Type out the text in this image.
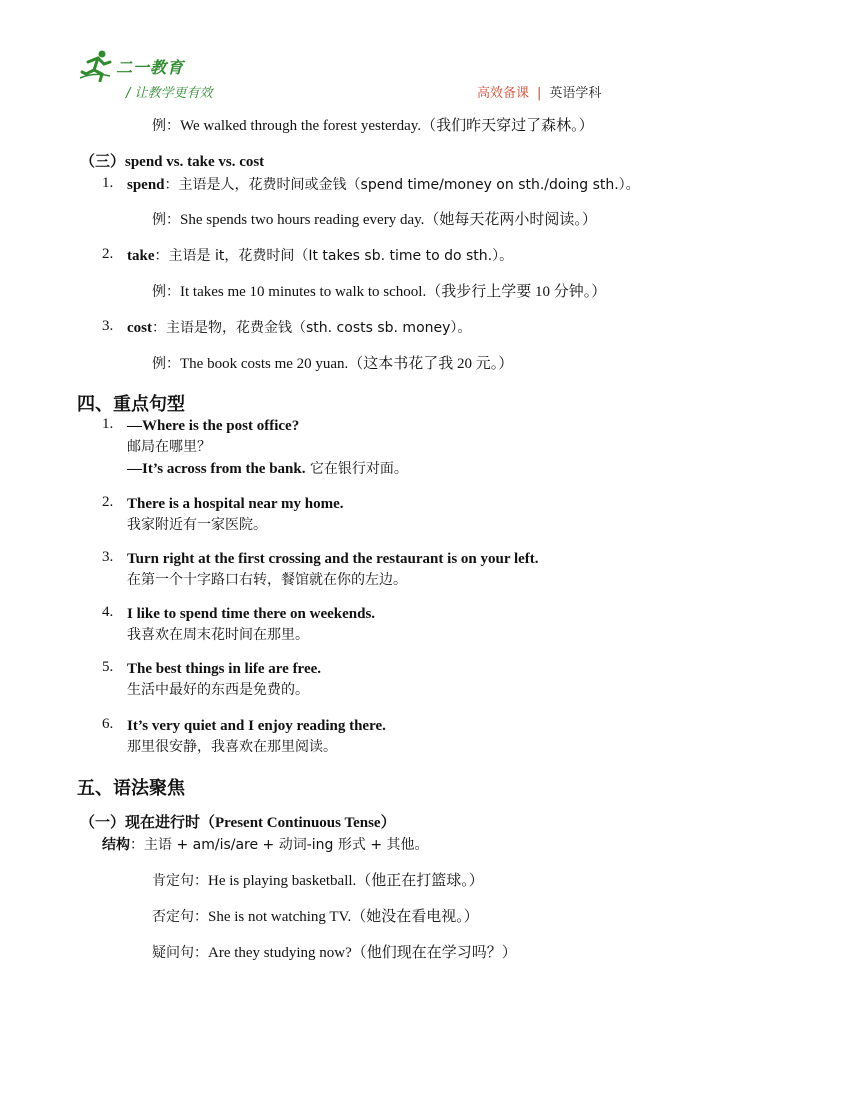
二一教育
/ 让教学更有效	高效备课 | 英语学科
例：We walked through the forest yesterday.（我们昨天穿过了森林。）
（三）spend vs. take vs. cost
1. spend：主语是人，花费时间或金钱（spend time/money on sth./doing sth.）。
例：She spends two hours reading every day.（她每天花两小时阅读。）
2. take：主语是 it，花费时间（It takes sb. time to do sth.）。
例：It takes me 10 minutes to walk to school.（我步行上学要 10 分钟。）
3. cost：主语是物，花费金钱（sth. costs sb. money）。
例：The book costs me 20 yuan.（这本书花了我 20 元。）
四、重点句型
1. —Where is the post office?
邮局在哪里？
—It’s across from the bank. 它在银行对面。
2. There is a hospital near my home.
我家附近有一家医院。
3. Turn right at the first crossing and the restaurant is on your left.
在第一个十字路口右转，餐馆就在你的左边。
4. I like to spend time there on weekends.
我喜欢在周末花时间在那里。
5. The best things in life are free.
生活中最好的东西是免费的。
6. It’s very quiet and I enjoy reading there.
那里很安静，我喜欢在那里阅读。
五、语法聚焦
（一）现在进行时（Present Continuous Tense）
结构：主语 + am/is/are + 动词-ing 形式 + 其他。
肯定句：He is playing basketball.（他正在打篮球。）
否定句：She is not watching TV.（她没在看电视。）
疑问句：Are they studying now?（他们现在在学习吗？）
